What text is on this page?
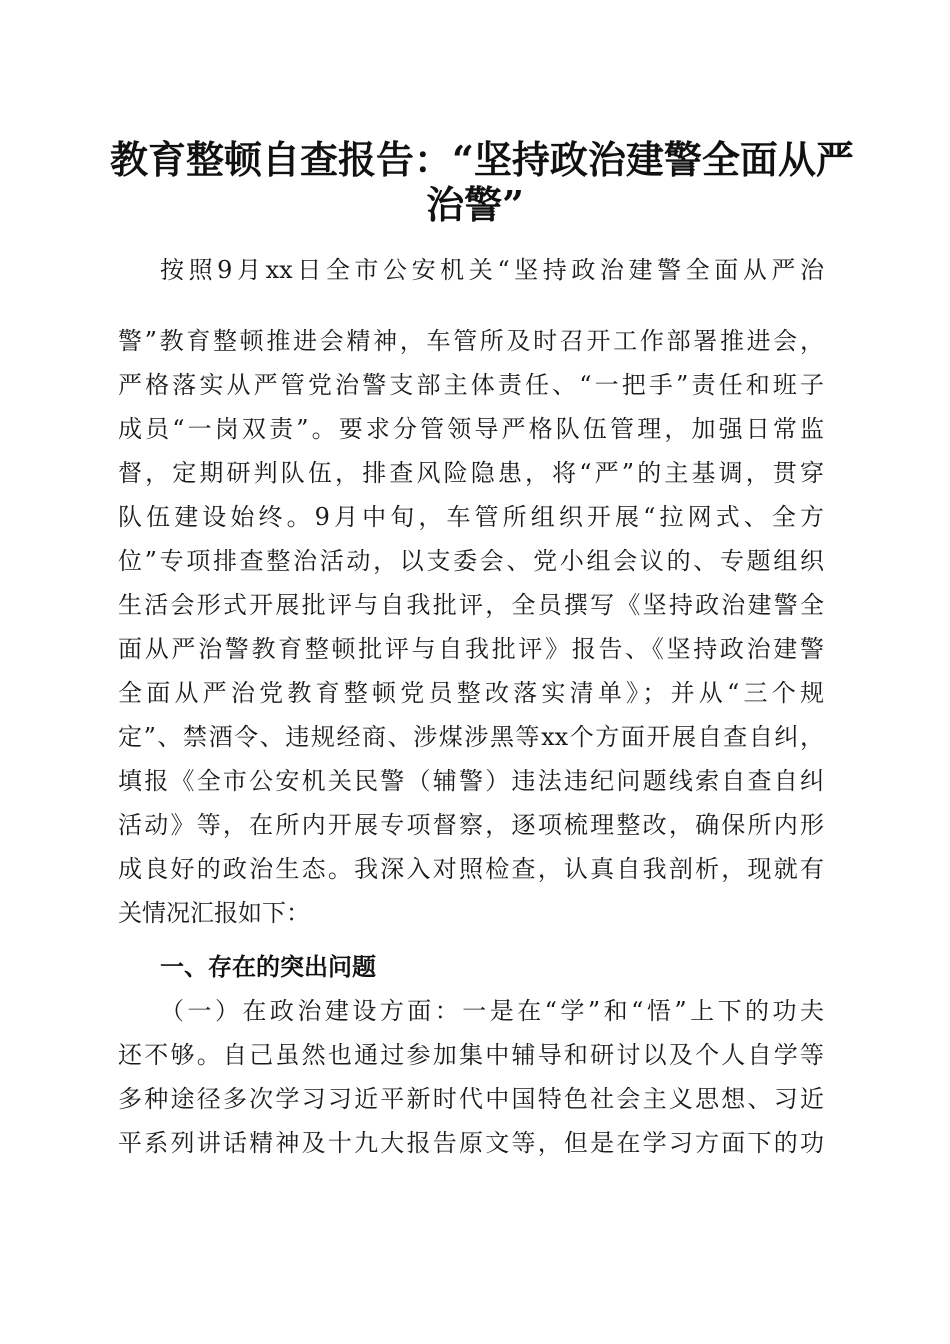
教育整顿自查报告：“坚持政治建警全面从严
治警”
按照9月xx日全市公安机关“坚持政治建警全面从严治
警”教育整顿推进会精神，车管所及时召开工作部署推进会，
严格落实从严管党治警支部主体责任、“一把手”责任和班子
成员“一岗双责”。要求分管领导严格队伍管理，加强日常监
督，定期研判队伍，排查风险隐患，将“严”的主基调，贯穿
队伍建设始终。9月中旬，车管所组织开展“拉网式、全方
位”专项排查整治活动，以支委会、党小组会议的、专题组织
生活会形式开展批评与自我批评，全员撰写《坚持政治建警全
面从严治警教育整顿批评与自我批评》报告、《坚持政治建警
全面从严治党教育整顿党员整改落实清单》；并从“三个规
定”、禁酒令、违规经商、涉煤涉黑等xx个方面开展自查自纠，
填报《全市公安机关民警（辅警）违法违纪问题线索自查自纠
活动》等，在所内开展专项督察，逐项梳理整改，确保所内形
成良好的政治生态。我深入对照检查，认真自我剖析，现就有
关情况汇报如下：
一、存在的突出问题
（一）在政治建设方面：一是在“学”和“悟”上下的功夫
还不够。自己虽然也通过参加集中辅导和研讨以及个人自学等
多种途径多次学习习近平新时代中国特色社会主义思想、习近
平系列讲话精神及十九大报告原文等，但是在学习方面下的功
